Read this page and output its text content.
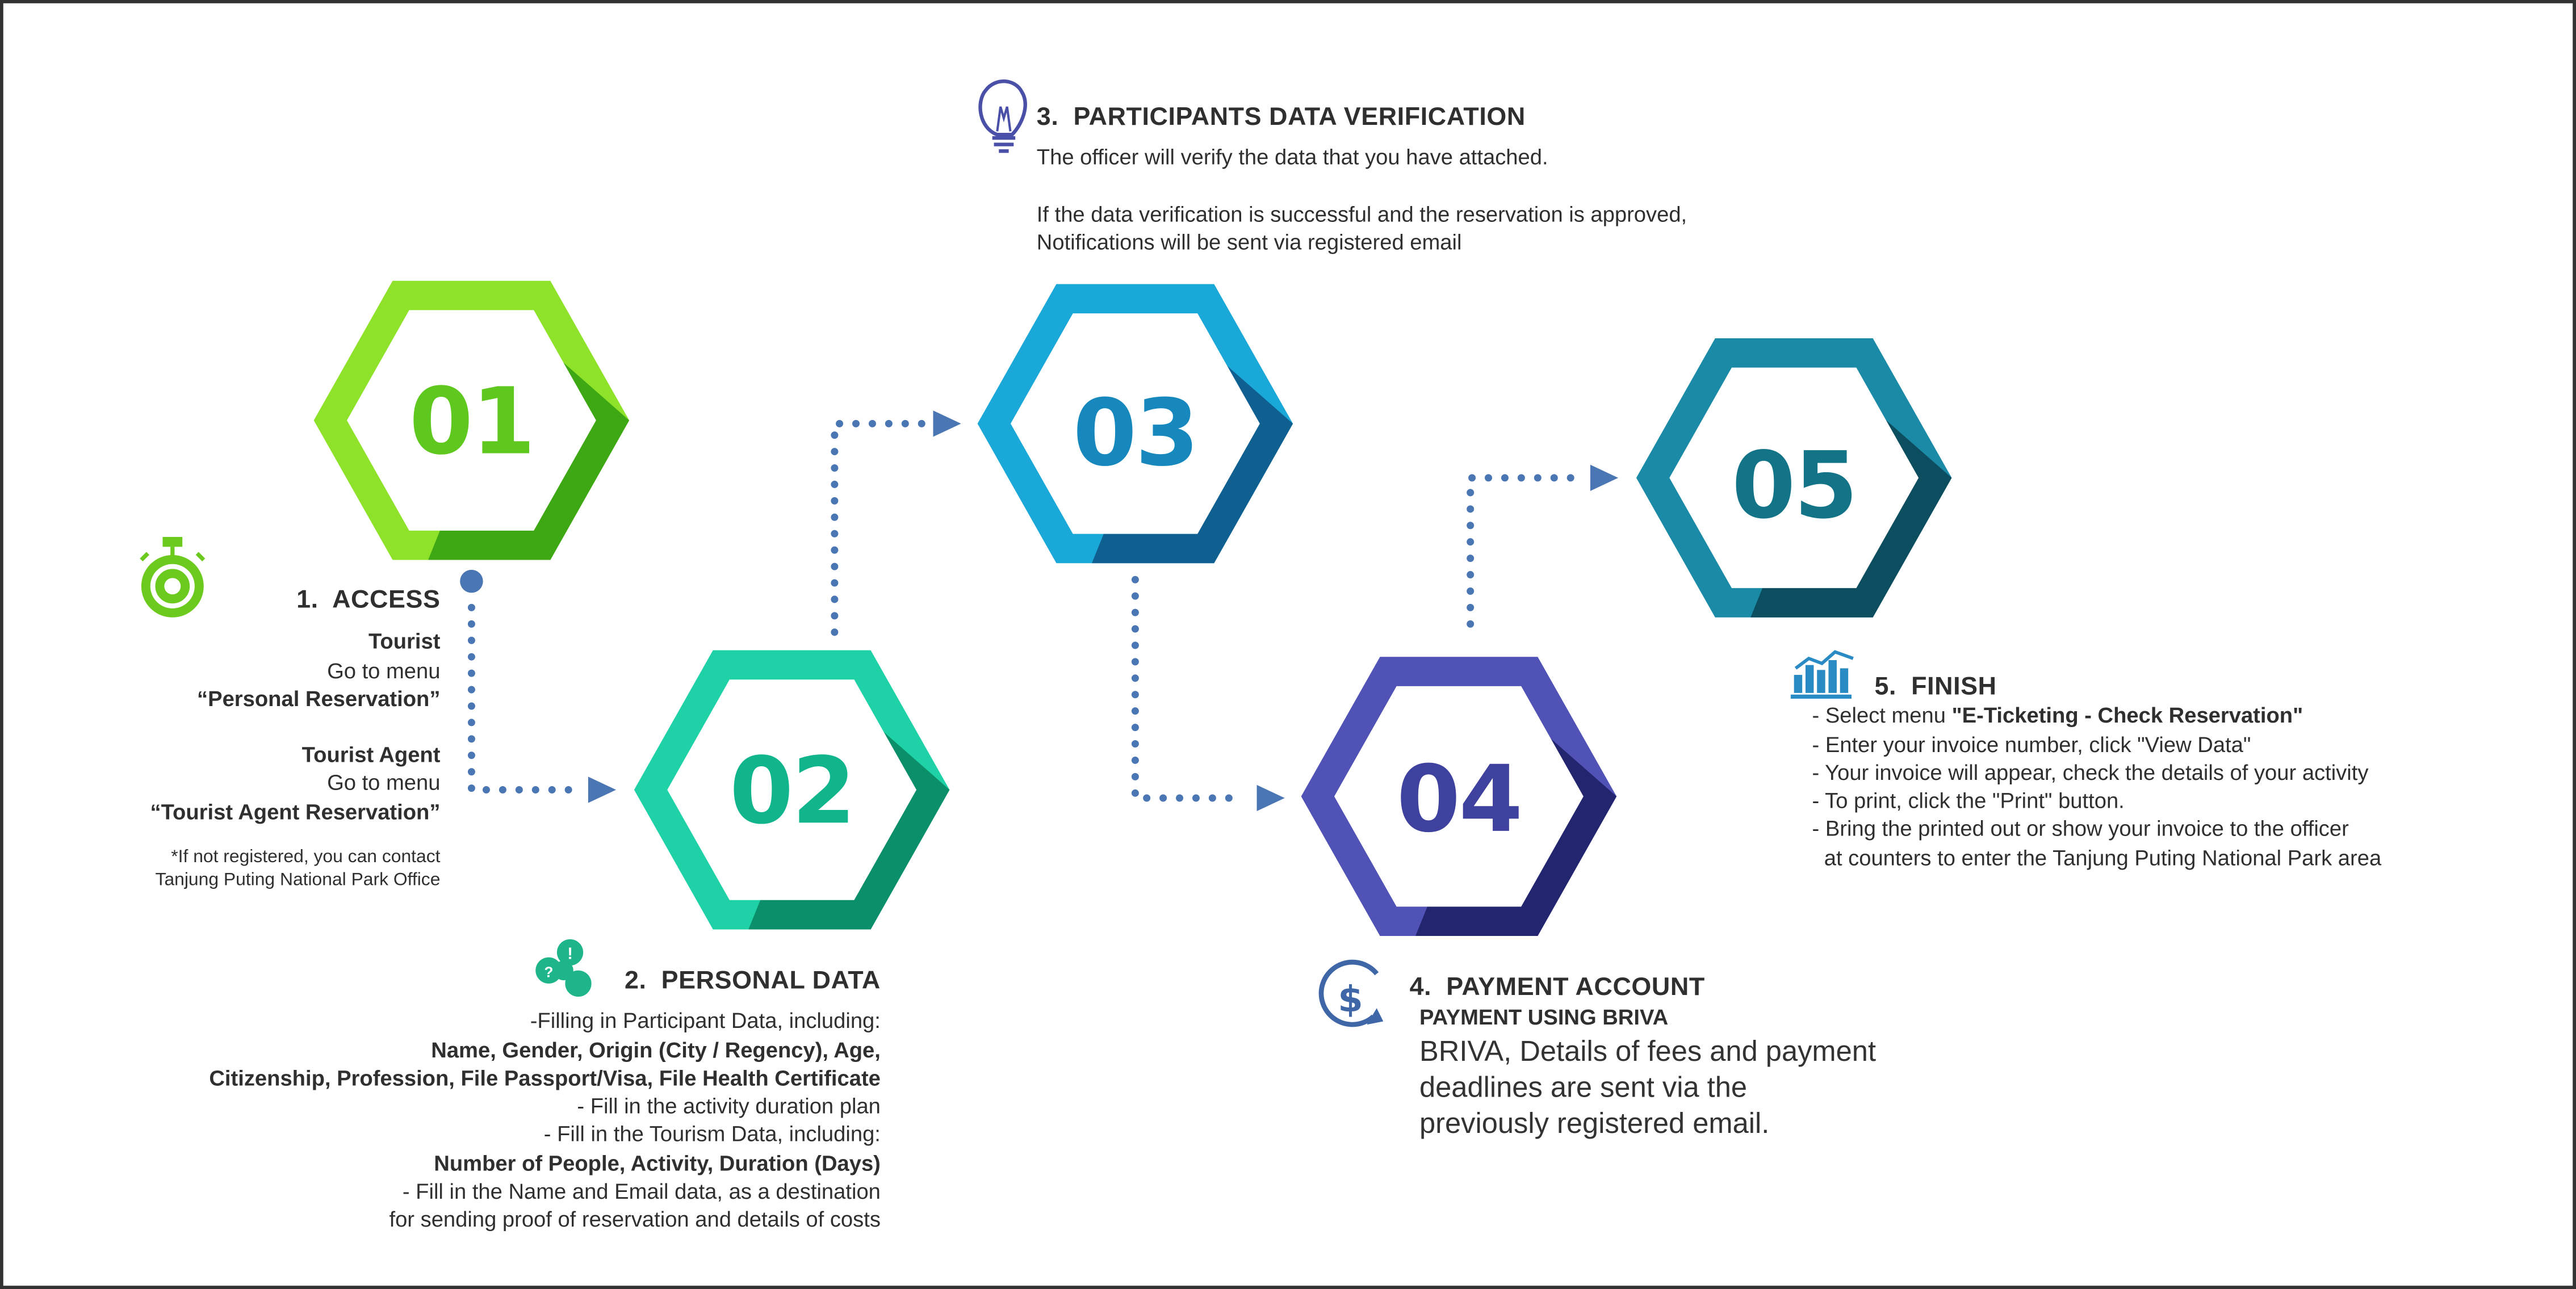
01
02
03
04
05
!
?
$
1.  ACCESS
Tourist
Go to menu
“Personal Reservation”
Tourist Agent
Go to menu
“Tourist Agent Reservation”
*If not registered, you can contact
Tanjung Puting National Park Office
2.  PERSONAL DATA
-Filling in Participant Data, including:
Name, Gender, Origin (City / Regency), Age,
Citizenship, Profession, File Passport/Visa, File Health Certificate
- Fill in the activity duration plan
- Fill in the Tourism Data, including:
Number of People, Activity, Duration (Days)
- Fill in the Name and Email data, as a destination
for sending proof of reservation and details of costs
3.  PARTICIPANTS DATA VERIFICATION
The officer will verify the data that you have attached.
If the data verification is successful and the reservation is approved,
Notifications will be sent via registered email
4.  PAYMENT ACCOUNT
PAYMENT USING BRIVA
BRIVA, Details of fees and payment
deadlines are sent via the
previously registered email.
5.  FINISH
- Select menu "E-Ticketing - Check Reservation"
- Enter your invoice number, click "View Data"
- Your invoice will appear, check the details of your activity
- To print, click the "Print" button.
- Bring the printed out or show your invoice to the officer
at counters to enter the Tanjung Puting National Park area
